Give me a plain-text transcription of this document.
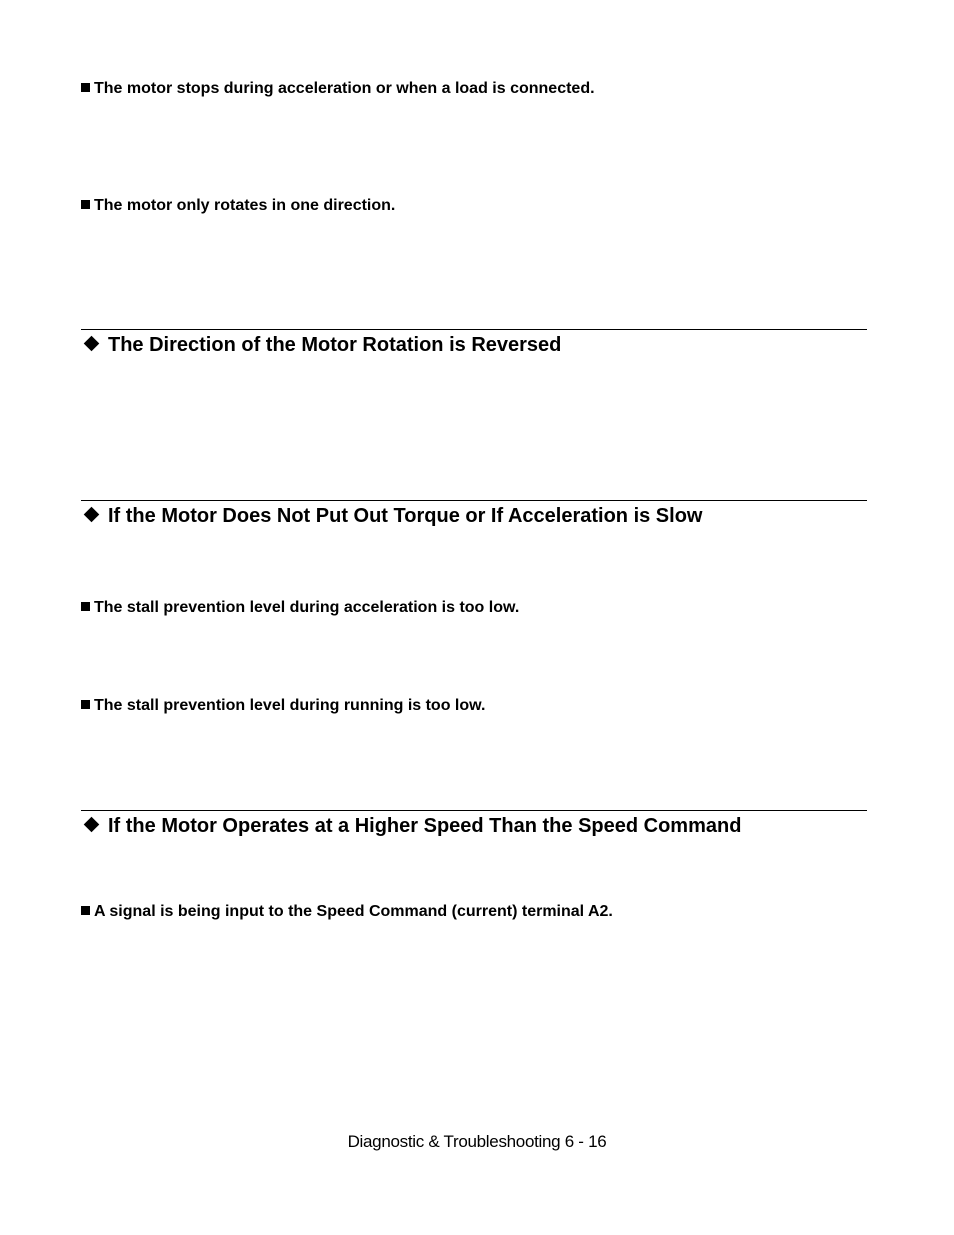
The motor stops during acceleration or when a load is connected.

The motor only rotates in one direction.

The Direction of the Motor Rotation is Reversed
If the Motor Does Not Put Out Torque or If Acceleration is Slow

The stall prevention level during acceleration is too low.

The stall prevention level during running is too low.

If the Motor Operates at a Higher Speed Than the Speed Command

A signal is being input to the Speed Command (current) terminal A2.

Diagnostic & Troubleshooting 6 - 16
